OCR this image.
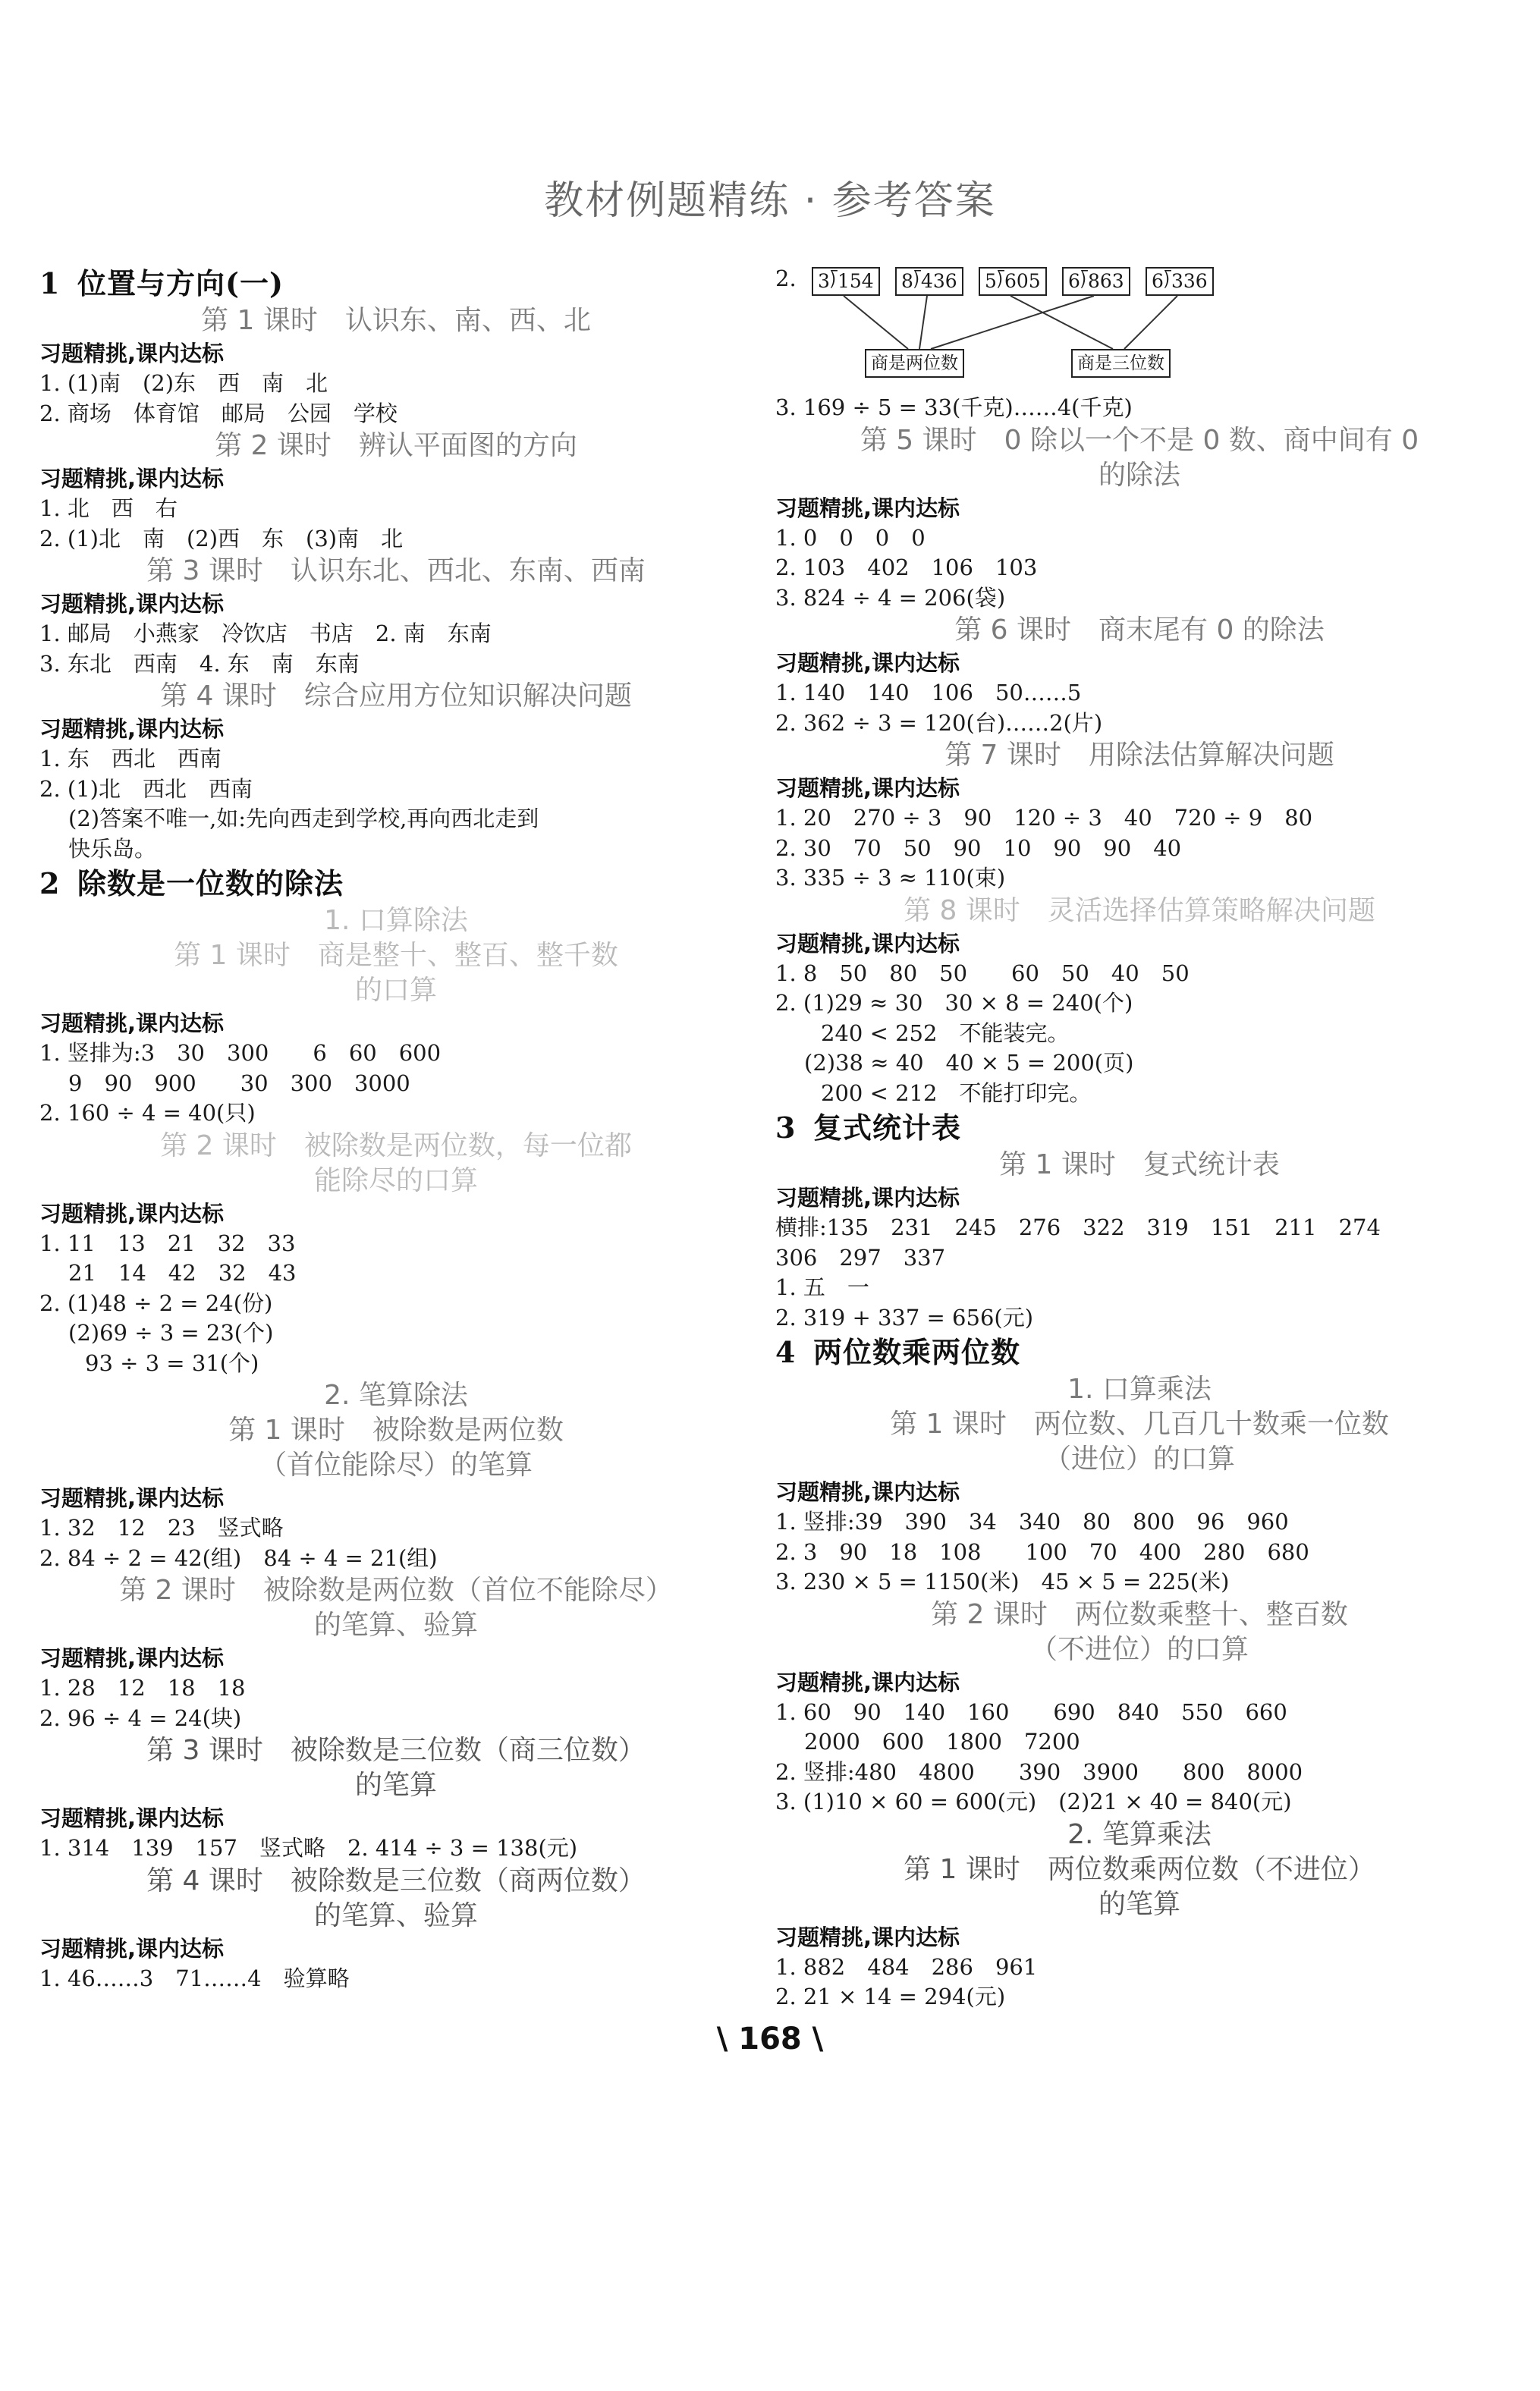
教材例题精练 · 参考答案
1 位置与方向(一)
第 1 课时　认识东、南、西、北
习题精挑,课内达标
1. (1)南　(2)东　西　南　北
2. 商场　体育馆　邮局　公园　学校
第 2 课时　辨认平面图的方向
习题精挑,课内达标
1. 北　西　右
2. (1)北　南　(2)西　东　(3)南　北
第 3 课时　认识东北、西北、东南、西南
习题精挑,课内达标
1. 邮局　小燕家　冷饮店　书店　2. 南　东南
3. 东北　西南　4. 东　南　东南
第 4 课时　综合应用方位知识解决问题
习题精挑,课内达标
1. 东　西北　西南
2. (1)北　西北　西南
(2)答案不唯一,如:先向西走到学校,再向西北走到
快乐岛。
2 除数是一位数的除法
1. 口算除法
第 1 课时　商是整十、整百、整千数
的口算
习题精挑,课内达标
1. 竖排为:3　30　300　　6　60　600
9　90　900　　30　300　3000
2. 160 ÷ 4 = 40(只)
第 2 课时　被除数是两位数，每一位都
能除尽的口算
习题精挑,课内达标
1. 11　13　21　32　33
21　14　42　32　43
2. (1)48 ÷ 2 = 24(份)
(2)69 ÷ 3 = 23(个)
93 ÷ 3 = 31(个)
2. 笔算除法
第 1 课时　被除数是两位数
（首位能除尽）的笔算
习题精挑,课内达标
1. 32　12　23　竖式略
2. 84 ÷ 2 = 42(组)　84 ÷ 4 = 21(组)
第 2 课时　被除数是两位数（首位不能除尽）
的笔算、验算
习题精挑,课内达标
1. 28　12　18　18
2. 96 ÷ 4 = 24(块)
第 3 课时　被除数是三位数（商三位数）
的笔算
习题精挑,课内达标
1. 314　139　157　竖式略　2. 414 ÷ 3 = 138(元)
第 4 课时　被除数是三位数（商两位数）
的笔算、验算
习题精挑,课内达标
1. 46……3　71……4　验算略
2.	3⟌154	8⟌436	5⟌605	6⟌863	6⟌336
商是两位数	商是三位数
3. 169 ÷ 5 = 33(千克)……4(千克)
第 5 课时　0 除以一个不是 0 数、商中间有 0
的除法
习题精挑,课内达标
1. 0　0　0　0
2. 103　402　106　103
3. 824 ÷ 4 = 206(袋)
第 6 课时　商末尾有 0 的除法
习题精挑,课内达标
1. 140　140　106　50……5
2. 362 ÷ 3 = 120(台)……2(片)
第 7 课时　用除法估算解决问题
习题精挑,课内达标
1. 20　270 ÷ 3　90　120 ÷ 3　40　720 ÷ 9　80
2. 30　70　50　90　10　90　90　40
3. 335 ÷ 3 ≈ 110(束)
第 8 课时　灵活选择估算策略解决问题
习题精挑,课内达标
1. 8　50　80　50　　60　50　40　50
2. (1)29 ≈ 30　30 × 8 = 240(个)
240 < 252　不能装完。
(2)38 ≈ 40　40 × 5 = 200(页)
200 < 212　不能打印完。
3 复式统计表
第 1 课时　复式统计表
习题精挑,课内达标
横排:135　231　245　276　322　319　151　211　274
306　297　337
1. 五　一
2. 319 + 337 = 656(元)
4 两位数乘两位数
1. 口算乘法
第 1 课时　两位数、几百几十数乘一位数
（进位）的口算
习题精挑,课内达标
1. 竖排:39　390　34　340　80　800　96　960
2. 3　90　18　108　　100　70　400　280　680
3. 230 × 5 = 1150(米)　45 × 5 = 225(米)
第 2 课时　两位数乘整十、整百数
（不进位）的口算
习题精挑,课内达标
1. 60　90　140　160　　690　840　550　660
2000　600　1800　7200
2. 竖排:480　4800　　390　3900　　800　8000
3. (1)10 × 60 = 600(元)　(2)21 × 40 = 840(元)
2. 笔算乘法
第 1 课时　两位数乘两位数（不进位）
的笔算
习题精挑,课内达标
1. 882　484　286　961
2. 21 × 14 = 294(元)
\ 168 \
